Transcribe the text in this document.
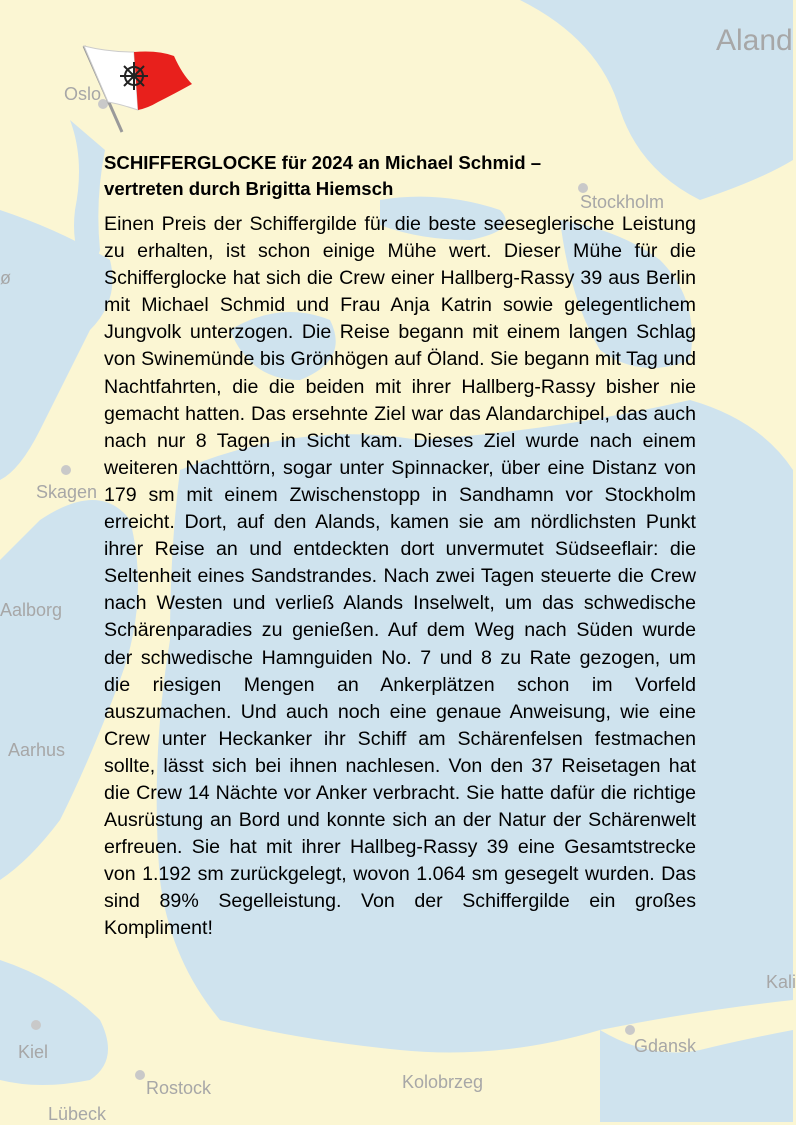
Oslo
Aland
Stockholm
ø
Skagen
Aalborg
Aarhus
Kiel
Rostock
Gdansk
Kolobrzeg
Lübeck
Kali
SCHIFFERGLOCKE für 2024 an Michael Schmid –
vertreten durch Brigitta Hiemsch

Einen Preis der Schiffergilde für die beste seeseglerische Leistung zu erhalten, ist schon einige Mühe wert. Dieser Mühe für die Schifferglocke hat sich die Crew einer Hallberg-Rassy 39 aus Berlin mit Michael Schmid und Frau Anja Katrin sowie gelegentlichem Jungvolk unterzogen. Die Reise begann mit einem langen Schlag von Swinemünde bis Grönhögen auf Öland. Sie begann mit Tag und Nachtfahrten, die die beiden mit ihrer Hallberg-Rassy bisher nie gemacht hatten. Das ersehnte Ziel war das Alandarchipel, das auch nach nur 8 Tagen in Sicht kam. Dieses Ziel wurde nach einem weiteren Nachttörn, sogar unter Spinnacker, über eine Distanz von 179 sm mit einem Zwischenstopp in Sandhamn vor Stockholm erreicht. Dort, auf den Alands, kamen sie am nördlichsten Punkt ihrer Reise an und entdeckten dort unvermutet Südseeflair: die Seltenheit eines Sandstrandes. Nach zwei Tagen steuerte die Crew nach Westen und verließ Alands Inselwelt, um das schwedische Schärenparadies zu genießen. Auf dem Weg nach Süden wurde der schwedische Hamnguiden No. 7 und 8 zu Rate gezogen, um die riesigen Mengen an Ankerplätzen schon im Vorfeld auszumachen. Und auch noch eine genaue Anweisung, wie eine Crew unter Heckanker ihr Schiff am Schärenfelsen festmachen sollte, lässt sich bei ihnen nachlesen. Von den 37 Reisetagen hat die Crew 14 Nächte vor Anker verbracht. Sie hatte dafür die richtige Ausrüstung an Bord und konnte sich an der Natur der Schärenwelt erfreuen. Sie hat mit ihrer Hallbeg-Rassy 39 eine Gesamtstrecke von 1.192 sm zurückgelegt, wovon 1.064 sm gesegelt wurden. Das sind 89% Segelleistung. Von der Schiffergilde ein großes Kompliment!
